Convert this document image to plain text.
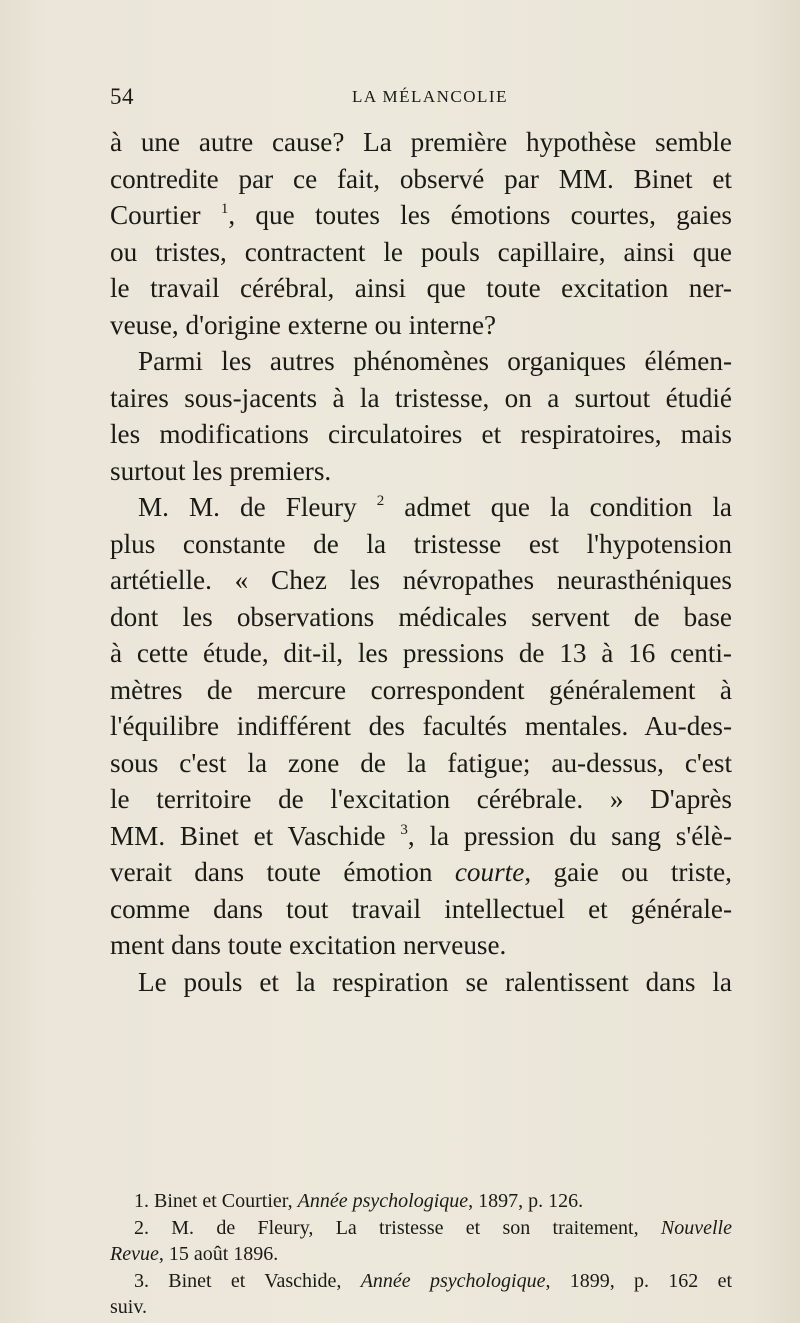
54	LA MÉLANCOLIE
à une autre cause? La première hypothèse semble
contredite par ce fait, observé par MM. Binet et
Courtier $^1$, que toutes les émotions courtes, gaies
ou tristes, contractent le pouls capillaire, ainsi que
le travail cérébral, ainsi que toute excitation ner-
veuse, d'origine externe ou interne?
Parmi les autres phénomènes organiques élémen-
taires sous-jacents à la tristesse, on a surtout étudié
les modifications circulatoires et respiratoires, mais
surtout les premiers.
M. M. de Fleury $^2$ admet que la condition la
plus constante de la tristesse est l'hypotension
artétielle. « Chez les névropathes neurasthéniques
dont les observations médicales servent de base
à cette étude, dit-il, les pressions de 13 à 16 centi-
mètres de mercure correspondent généralement à
l'équilibre indifférent des facultés mentales. Au-des-
sous c'est la zone de la fatigue; au-dessus, c'est
le territoire de l'excitation cérébrale. » D'après
MM. Binet et Vaschide $^3$, la pression du sang s'élè-
verait dans toute émotion courte, gaie ou triste,
comme dans tout travail intellectuel et générale-
ment dans toute excitation nerveuse.
Le pouls et la respiration se ralentissent dans la
1. Binet et Courtier, Année psychologique, 1897, p. 126.
2. M. de Fleury, La tristesse et son traitement, Nouvelle
Revue, 15 août 1896.
3. Binet et Vaschide, Année psychologique, 1899, p. 162 et
suiv.
